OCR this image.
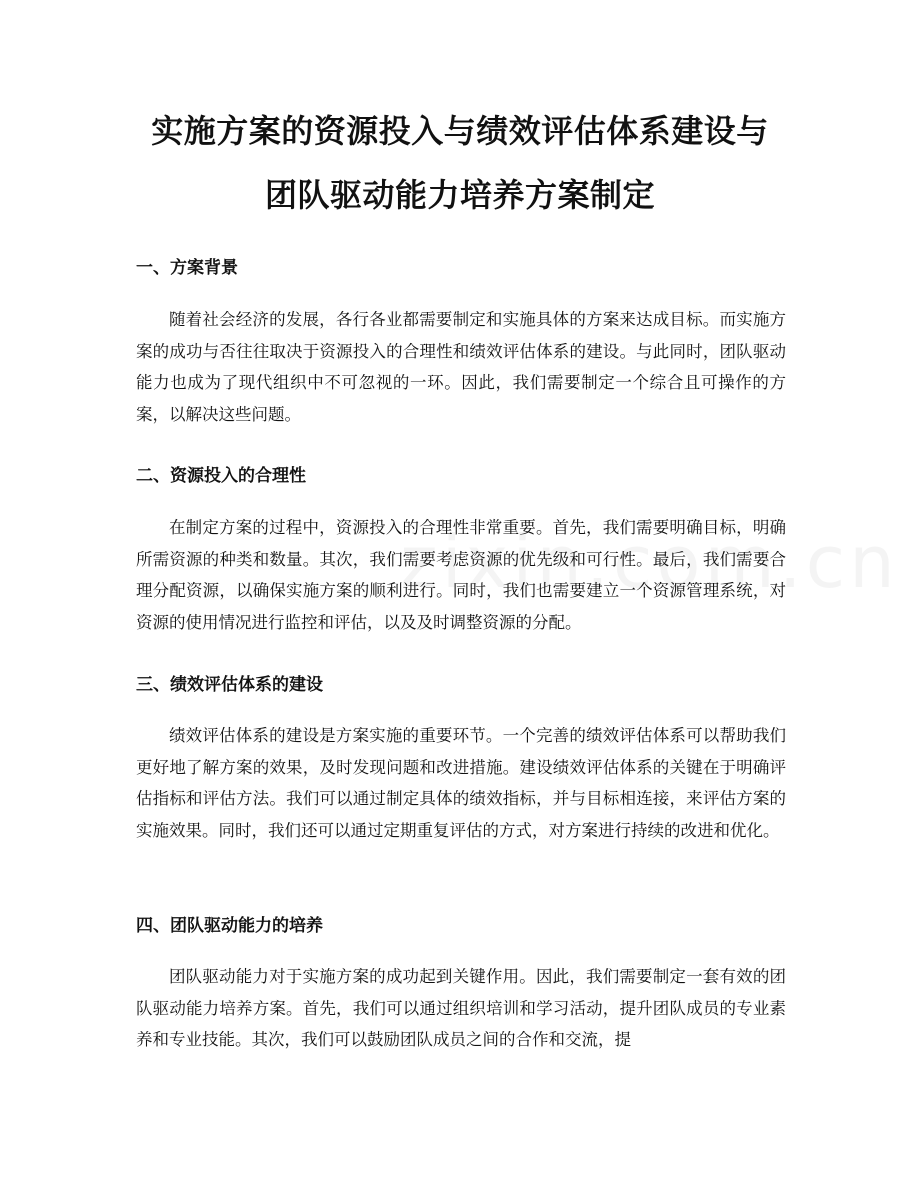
实施方案的资源投入与绩效评估体系建设与
团队驱动能力培养方案制定
一、方案背景

随着社会经济的发展，各行各业都需要制定和实施具体的方案来达成目标。而实施方案的成功与否往往取决于资源投入的合理性和绩效评估体系的建设。与此同时，团队驱动能力也成为了现代组织中不可忽视的一环。因此，我们需要制定一个综合且可操作的方案，以解决这些问题。

二、资源投入的合理性

在制定方案的过程中，资源投入的合理性非常重要。首先，我们需要明确目标，明确所需资源的种类和数量。其次，我们需要考虑资源的优先级和可行性。最后，我们需要合理分配资源，以确保实施方案的顺利进行。同时，我们也需要建立一个资源管理系统，对资源的使用情况进行监控和评估，以及及时调整资源的分配。

三、绩效评估体系的建设

绩效评估体系的建设是方案实施的重要环节。一个完善的绩效评估体系可以帮助我们更好地了解方案的效果，及时发现问题和改进措施。建设绩效评估体系的关键在于明确评估指标和评估方法。我们可以通过制定具体的绩效指标，并与目标相连接，来评估方案的实施效果。同时，我们还可以通过定期重复评估的方式，对方案进行持续的改进和优化。

四、团队驱动能力的培养

团队驱动能力对于实施方案的成功起到关键作用。因此，我们需要制定一套有效的团队驱动能力培养方案。首先，我们可以通过组织培训和学习活动，提升团队成员的专业素养和专业技能。其次，我们可以鼓励团队成员之间的合作和交流，提
